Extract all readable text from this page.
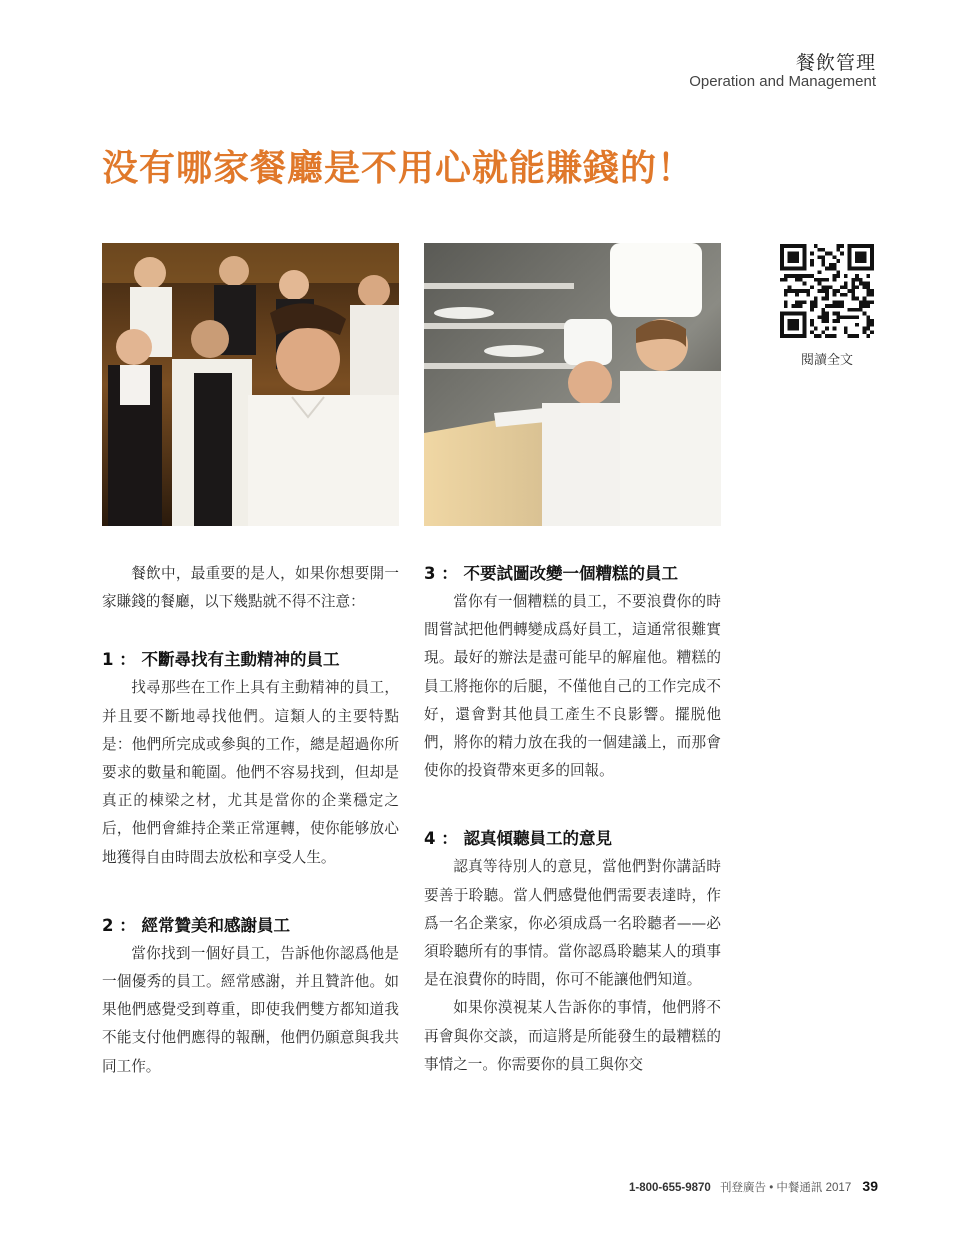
餐飲管理
Operation and Management
没有哪家餐廳是不用心就能賺錢的！
閱讀全文

餐飲中，最重要的是人，如果你想要開一家賺錢的餐廳，以下幾點就不得不注意：

1 ： 不斷尋找有主動精神的員工

找尋那些在工作上具有主動精神的員工，并且要不斷地尋找他們。這類人的主要特點是：他們所完成或參與的工作，總是超過你所要求的數量和範圍。他們不容易找到，但却是真正的棟梁之材，尤其是當你的企業穩定之后，他們會維持企業正常運轉，使你能够放心地獲得自由時間去放松和享受人生。

2 ： 經常贊美和感謝員工

當你找到一個好員工，告訴他你認爲他是一個優秀的員工。經常感謝，并且贊許他。如果他們感覺受到尊重，即使我們雙方都知道我不能支付他們應得的報酬，他們仍願意與我共同工作。

3 ： 不要試圖改變一個糟糕的員工

當你有一個糟糕的員工，不要浪費你的時間嘗試把他們轉變成爲好員工，這通常很難實現。最好的辦法是盡可能早的解雇他。糟糕的員工將拖你的后腿，不僅他自己的工作完成不好，還會對其他員工產生不良影響。擺脱他們，將你的精力放在我的一個建議上，而那會使你的投資帶來更多的回報。

4 ： 認真傾聽員工的意見

認真等待別人的意見，當他們對你講話時要善于聆聽。當人們感覺他們需要表達時，作爲一名企業家，你必須成爲一名聆聽者——必須聆聽所有的事情。當你認爲聆聽某人的瑣事是在浪費你的時間，你可不能讓他們知道。

如果你漠視某人告訴你的事情，他們將不再會與你交談，而這將是所能發生的最糟糕的事情之一。你需要你的員工與你交

1-800-655-9870 刊登廣告 • 中餐通訊 2017 39
